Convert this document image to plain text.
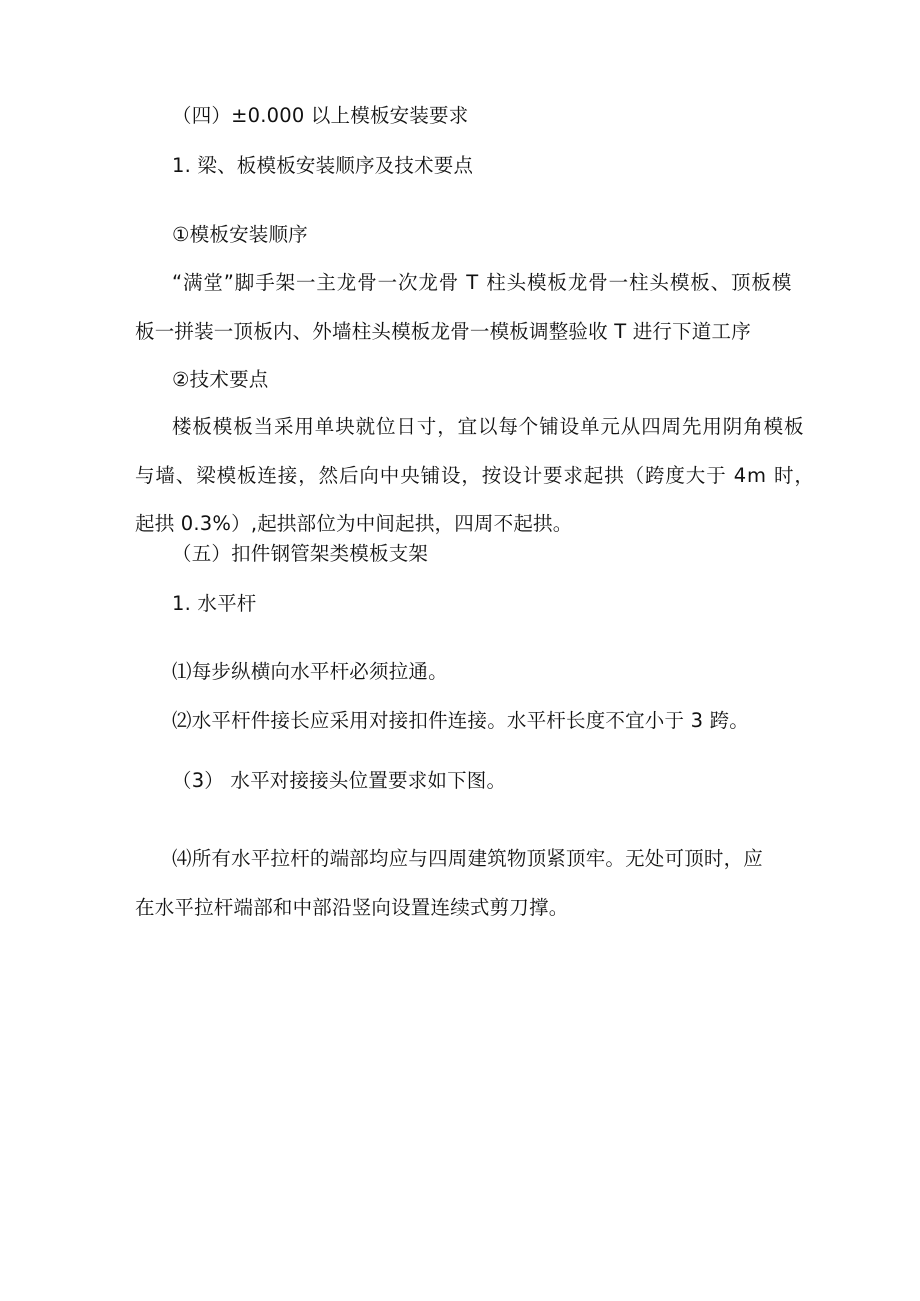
（四）±0.000 以上模板安装要求
1. 梁、板模板安装顺序及技术要点
①模板安装顺序
“满堂”脚手架一主龙骨一次龙骨 T 柱头模板龙骨一柱头模板、顶板模
板一拼装一顶板内、外墙柱头模板龙骨一模板调整验收 T 进行下道工序
②技术要点
楼板模板当采用单块就位日寸，宜以每个铺设单元从四周先用阴角模板
与墙、梁模板连接，然后向中央铺设，按设计要求起拱（跨度大于 4m 时，
起拱 0.3%）,起拱部位为中间起拱，四周不起拱。
（五）扣件钢管架类模板支架
1. 水平杆
⑴每步纵横向水平杆必须拉通。
⑵水平杆件接长应采用对接扣件连接。水平杆长度不宜小于 3 跨。
（3） 水平对接接头位置要求如下图。
⑷所有水平拉杆的端部均应与四周建筑物顶紧顶牢。无处可顶时，应
在水平拉杆端部和中部沿竖向设置连续式剪刀撑。
